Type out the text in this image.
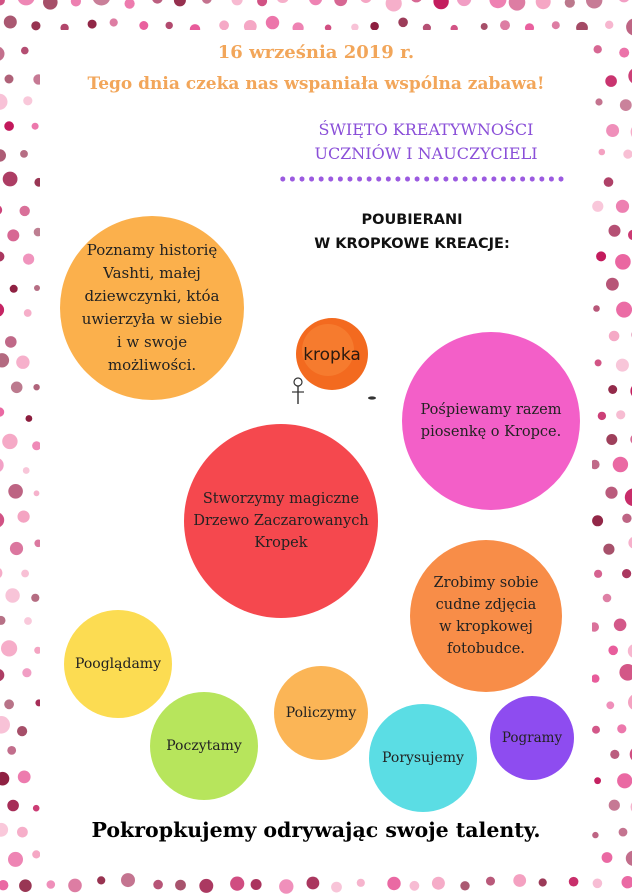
16 września 2019 r.
Tego dnia czeka nas wspaniała wspólna zabawa!
ŚWIĘTO KREATYWNOŚCI
UCZNIÓW I NAUCZYCIELI
POUBIERANI
W KROPKOWE KREACJE:
kropka
Poznamy historię
Vashti, małej
dziewczynki, któa
uwierzyła w siebie
i w swoje
możliwości.
Pośpiewamy razem
piosenkę o Kropce.
Stworzymy magiczne
Drzewo Zaczarowanych
Kropek
Zrobimy sobie
cudne zdjęcia
w kropkowej
fotobudce.
Pooglądamy
Poczytamy
Policzymy
Porysujemy
Pogramy
Pokropkujemy odrywając swoje talenty.
